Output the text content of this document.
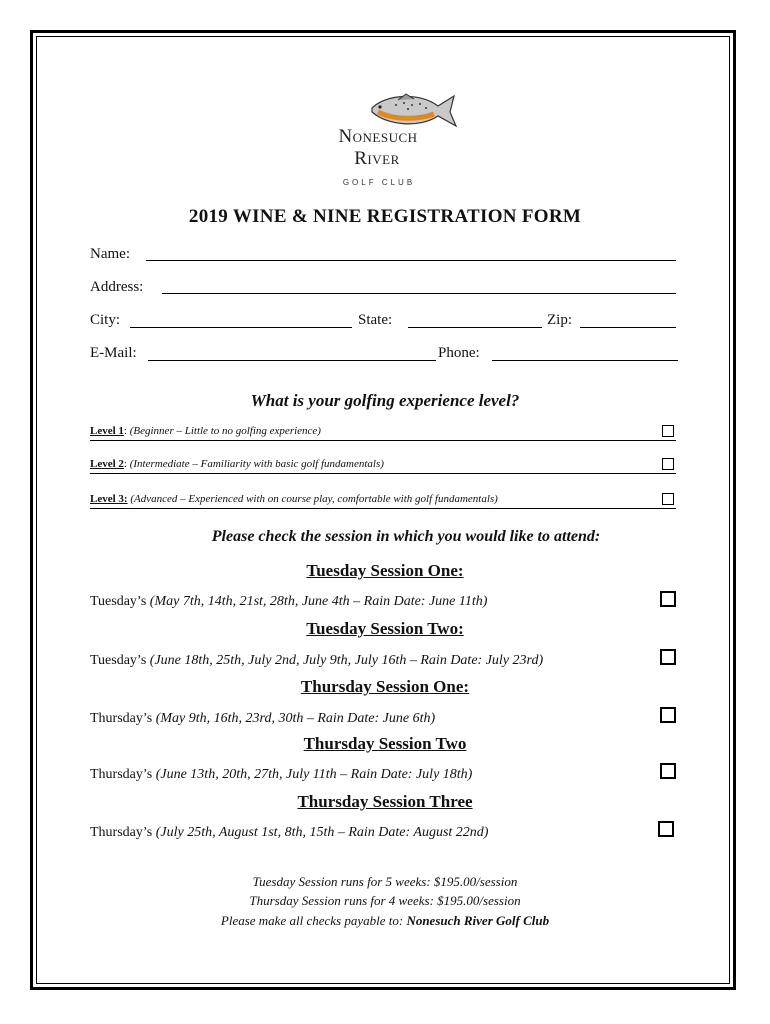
Nonesuch
River
GOLF CLUB
2019 WINE & NINE REGISTRATION FORM
Name:
Address:
City:	State:	Zip:
E-Mail:	Phone:
What is your golfing experience level?
Level 1: (Beginner – Little to no golfing experience)
Level 2: (Intermediate – Familiarity with basic golf fundamentals)
Level 3: (Advanced – Experienced with on course play, comfortable with golf fundamentals)
Please check the session in which you would like to attend:
Tuesday Session One:
Tuesday’s (May 7th, 14th, 21st, 28th, June 4th – Rain Date: June 11th)
Tuesday Session Two:
Tuesday’s (June 18th, 25th, July 2nd, July 9th, July 16th – Rain Date: July 23rd)
Thursday Session One:
Thursday’s (May 9th, 16th, 23rd, 30th – Rain Date: June 6th)
Thursday Session Two
Thursday’s (June 13th, 20th, 27th, July 11th – Rain Date: July 18th)
Thursday Session Three
Thursday’s (July 25th, August 1st, 8th, 15th – Rain Date: August 22nd)
Tuesday Session runs for 5 weeks: $195.00/session
Thursday Session runs for 4 weeks: $195.00/session
Please make all checks payable to: Nonesuch River Golf Club
